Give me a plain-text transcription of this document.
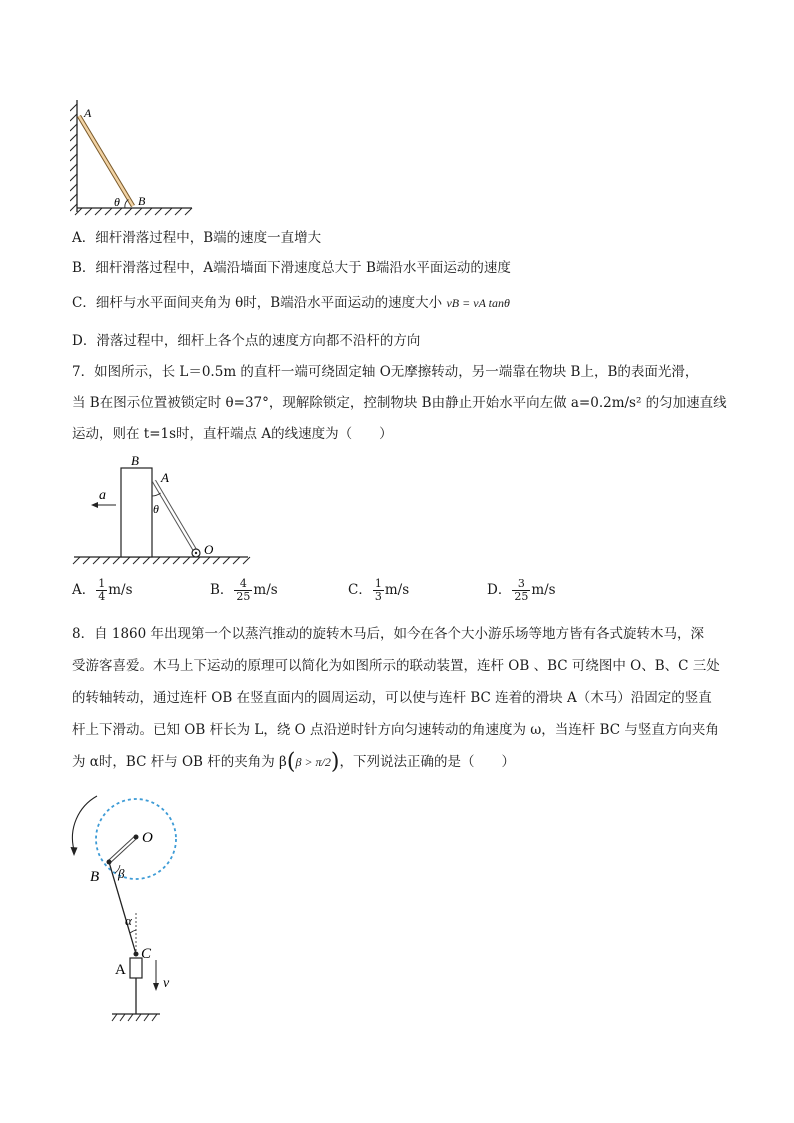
A
θ B
A．细杆滑落过程中，B端的速度一直增大
B．细杆滑落过程中，A端沿墙面下滑速度总大于 B端沿水平面运动的速度
C．细杆与水平面间夹角为 θ时，B端沿水平面运动的速度大小 vB = vA tanθ
D．滑落过程中，细杆上各个点的速度方向都不沿杆的方向
7．如图所示，长 L＝0.5m 的直杆一端可绕固定轴 O无摩擦转动，另一端靠在物块 B上，B的表面光滑，
当 B在图示位置被锁定时 θ=37°，现解除锁定，控制物块 B由静止开始水平向左做 a=0.2m/s² 的匀加速直线
运动，则在 t=1s时，直杆端点 A的线速度为（　　）
B
A
θ
a
O
A． $\frac{1}{4} m/s$	B． $\frac{4}{25} m/s$	C． $\frac{1}{3} m/s$	D． $\frac{3}{25} m/s$
8．自 1860 年出现第一个以蒸汽推动的旋转木马后，如今在各个大小游乐场等地方皆有各式旋转木马，深
受游客喜爱。木马上下运动的原理可以简化为如图所示的联动装置，连杆 OB 、BC 可绕图中 O、B、C 三处
的转轴转动，通过连杆 OB 在竖直面内的圆周运动，可以使与连杆 BC 连着的滑块 A（木马）沿固定的竖直
杆上下滑动。已知 OB 杆长为 L，绕 O 点沿逆时针方向匀速转动的角速度为 ω，当连杆 BC 与竖直方向夹角
为 α时，BC 杆与 OB 杆的夹角为 β(β > π/2)，下列说法正确的是（　　）
O
B β
α
C
A
v
